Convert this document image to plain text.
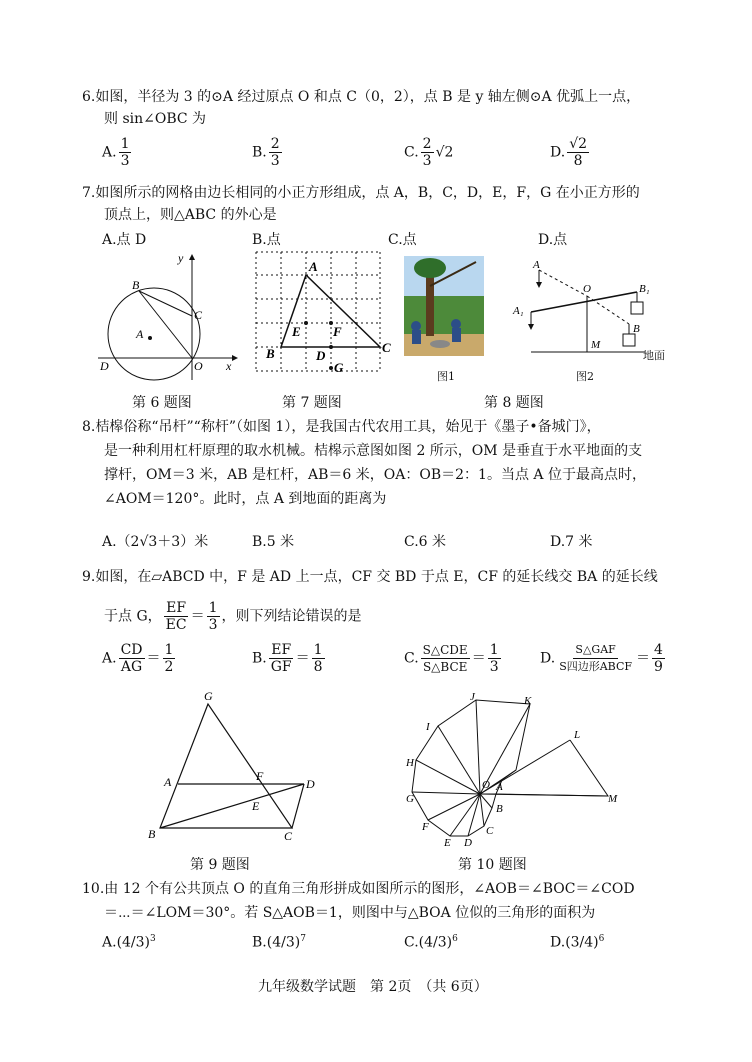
6.如图，半径为 3 的⊙A 经过原点 O 和点 C（0，2），点 B 是 y 轴左侧⊙A 优弧上一点，
则 sin∠OBC 为
A. $\frac{1}{3}$	B. $\frac{2}{3}$	C. $\frac{2}{3} √2$	D. $\frac{√2}{8}$
7.如图所示的网格由边长相同的小正方形组成，点 A，B，C，D，E，F，G 在小正方形的
顶点上，则△ABC 的外心是
A.点 D	B.点	C.点	D.点
y
B
C
A
D	O x
A
B	C
E F
D
G
图1
A
A₁
O	B₁
B
M
地面
图2
第 6 题图	第 7 题图	第 8 题图
8.桔槔俗称“吊杆”“称杆”（如图 1），是我国古代农用工具，始见于《墨子•备城门》，
是一种利用杠杆原理的取水机械。桔槔示意图如图 2 所示，OM 是垂直于水平地面的支
撑杆，OM＝3 米，AB 是杠杆，AB＝6 米，OA：OB＝2：1。当点 A 位于最高点时，
∠AOM＝120°。此时，点 A 到地面的距离为
A.（2√3＋3）米	B.5 米	C.6 米	D.7 米
9.如图，在▱ABCD 中，F 是 AD 上一点，CF 交 BD 于点 E，CF 的延长线交 BA 的延长线
于点 G， $\frac{EF}{EC} = \frac{1}{3}$ ，则下列结论错误的是
A. $\frac{CD}{AG} = \frac{1}{2}$	B. $\frac{EF}{GF} = \frac{1}{8}$	C. $\frac{\text{S△CDE}}{\text{S△BCE}} = \frac{1}{3}$	D. $\frac{\text{S△GAF}}{\text{S四边形ABCF}} = \frac{4}{9}$
G
A	F
D
E
B	C
J	K
I
L
H
G
F
E D
C
B
A
O
M
第 9 题图	第 10 题图
10.由 12 个有公共顶点 O 的直角三角形拼成如图所示的图形，∠AOB＝∠BOC＝∠COD
＝⋯＝∠LOM＝30°。若 S△AOB＝1，则图中与△BOA 位似的三角形的面积为
$A.(4/3)^3$	$B.(4/3)^7$	$C.(4/3)^6$	$D.(3/4)^6$
九年级数学试题　第 2页　（共 6页）
